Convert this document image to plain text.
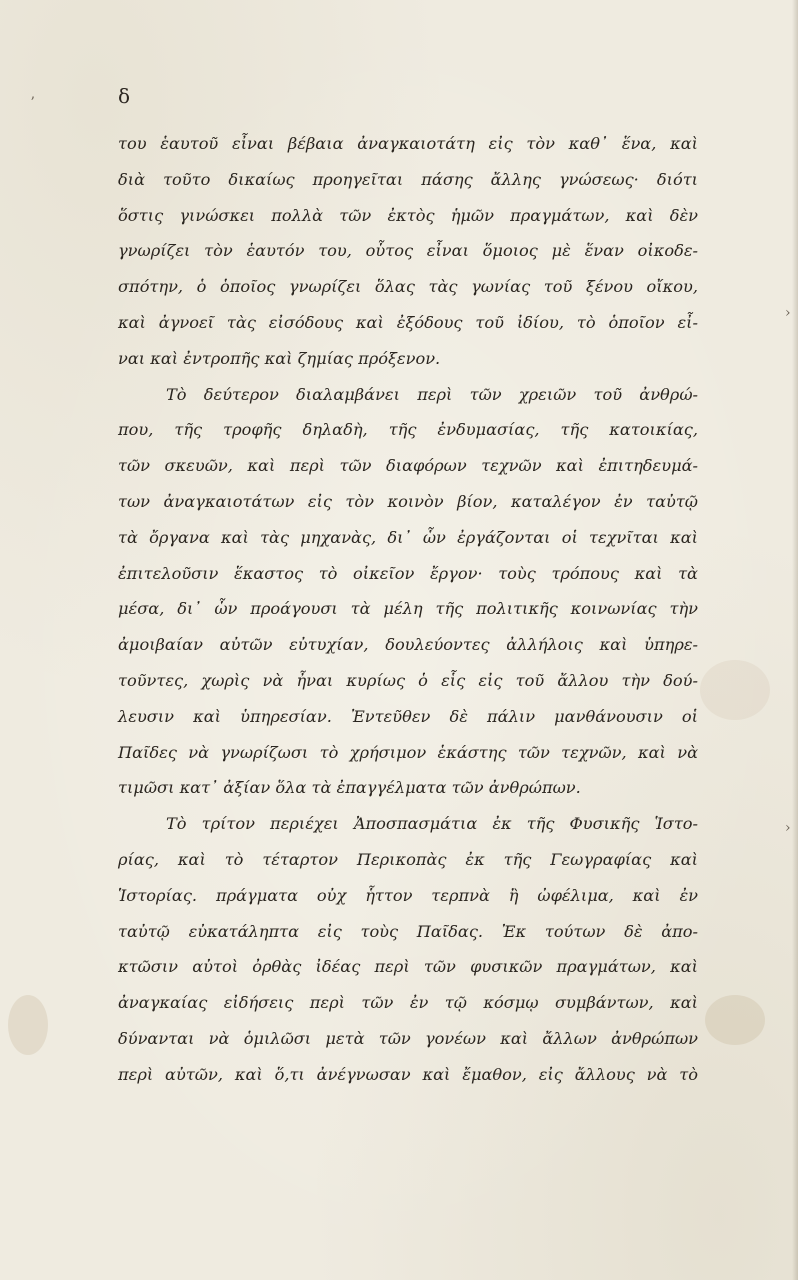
ʼ
›
›
δ
του ἑαυτοῦ εἶναι βέβαια ἀναγκαιοτάτη εἰς τὸν καθ᾽ ἕνα, καὶ
διὰ τοῦτο δικαίως προηγεῖται πάσης ἄλλης γνώσεως· διότι
ὅστις γινώσκει πολλὰ τῶν ἐκτὸς ἡμῶν πραγμάτων, καὶ δὲν
γνωρίζει τὸν ἑαυτόν του, οὗτος εἶναι ὅμοιος μὲ ἕναν οἰκοδε-
σπότην, ὁ ὁποῖος γνωρίζει ὅλας τὰς γωνίας τοῦ ξένου οἴκου,
καὶ ἀγνοεῖ τὰς εἰσόδους καὶ ἐξόδους τοῦ ἰδίου, τὸ ὁποῖον εἶ-
ναι καὶ ἐντροπῆς καὶ ζημίας πρόξενον.
Τὸ δεύτερον διαλαμβάνει περὶ τῶν χρειῶν τοῦ ἀνθρώ-
που, τῆς τροφῆς δηλαδὴ, τῆς ἐνδυμασίας, τῆς κατοικίας,
τῶν σκευῶν, καὶ περὶ τῶν διαφόρων τεχνῶν καὶ ἐπιτηδευμά-
των ἀναγκαιοτάτων εἰς τὸν κοινὸν βίον, καταλέγον ἐν ταὐτῷ
τὰ ὄργανα καὶ τὰς μηχανὰς, δι᾽ ὧν ἐργάζονται οἱ τεχνῖται καὶ
ἐπιτελοῦσιν ἕκαστος τὸ οἰκεῖον ἔργον· τοὺς τρόπους καὶ τὰ
μέσα, δι᾽ ὧν προάγουσι τὰ μέλη τῆς πολιτικῆς κοινωνίας τὴν
ἀμοιβαίαν αὐτῶν εὐτυχίαν, δουλεύοντες ἀλλήλοις καὶ ὑπηρε-
τοῦντες, χωρὶς νὰ ἦναι κυρίως ὁ εἷς εἰς τοῦ ἄλλου τὴν δού-
λευσιν καὶ ὑπηρεσίαν. Ἐντεῦθεν δὲ πάλιν μανθάνουσιν οἱ
Παῖδες νὰ γνωρίζωσι τὸ χρήσιμον ἑκάστης τῶν τεχνῶν, καὶ νὰ
τιμῶσι κατ᾽ ἀξίαν ὅλα τὰ ἐπαγγέλματα τῶν ἀνθρώπων.
Τὸ τρίτον περιέχει Ἀποσπασμάτια ἐκ τῆς Φυσικῆς Ἱστο-
ρίας, καὶ τὸ τέταρτον Περικοπὰς ἐκ τῆς Γεωγραφίας καὶ
Ἱστορίας. πράγματα οὐχ ἧττον τερπνὰ ἢ ὠφέλιμα, καὶ ἐν
ταὐτῷ εὐκατάληπτα εἰς τοὺς Παῖδας. Ἐκ τούτων δὲ ἀπο-
κτῶσιν αὐτοὶ ὀρθὰς ἰδέας περὶ τῶν φυσικῶν πραγμάτων, καὶ
ἀναγκαίας εἰδήσεις περὶ τῶν ἐν τῷ κόσμῳ συμβάντων, καὶ
δύνανται νὰ ὁμιλῶσι μετὰ τῶν γονέων καὶ ἄλλων ἀνθρώπων
περὶ αὐτῶν, καὶ ὅ,τι ἀνέγνωσαν καὶ ἔμαθον, εἰς ἄλλους νὰ τὸ
